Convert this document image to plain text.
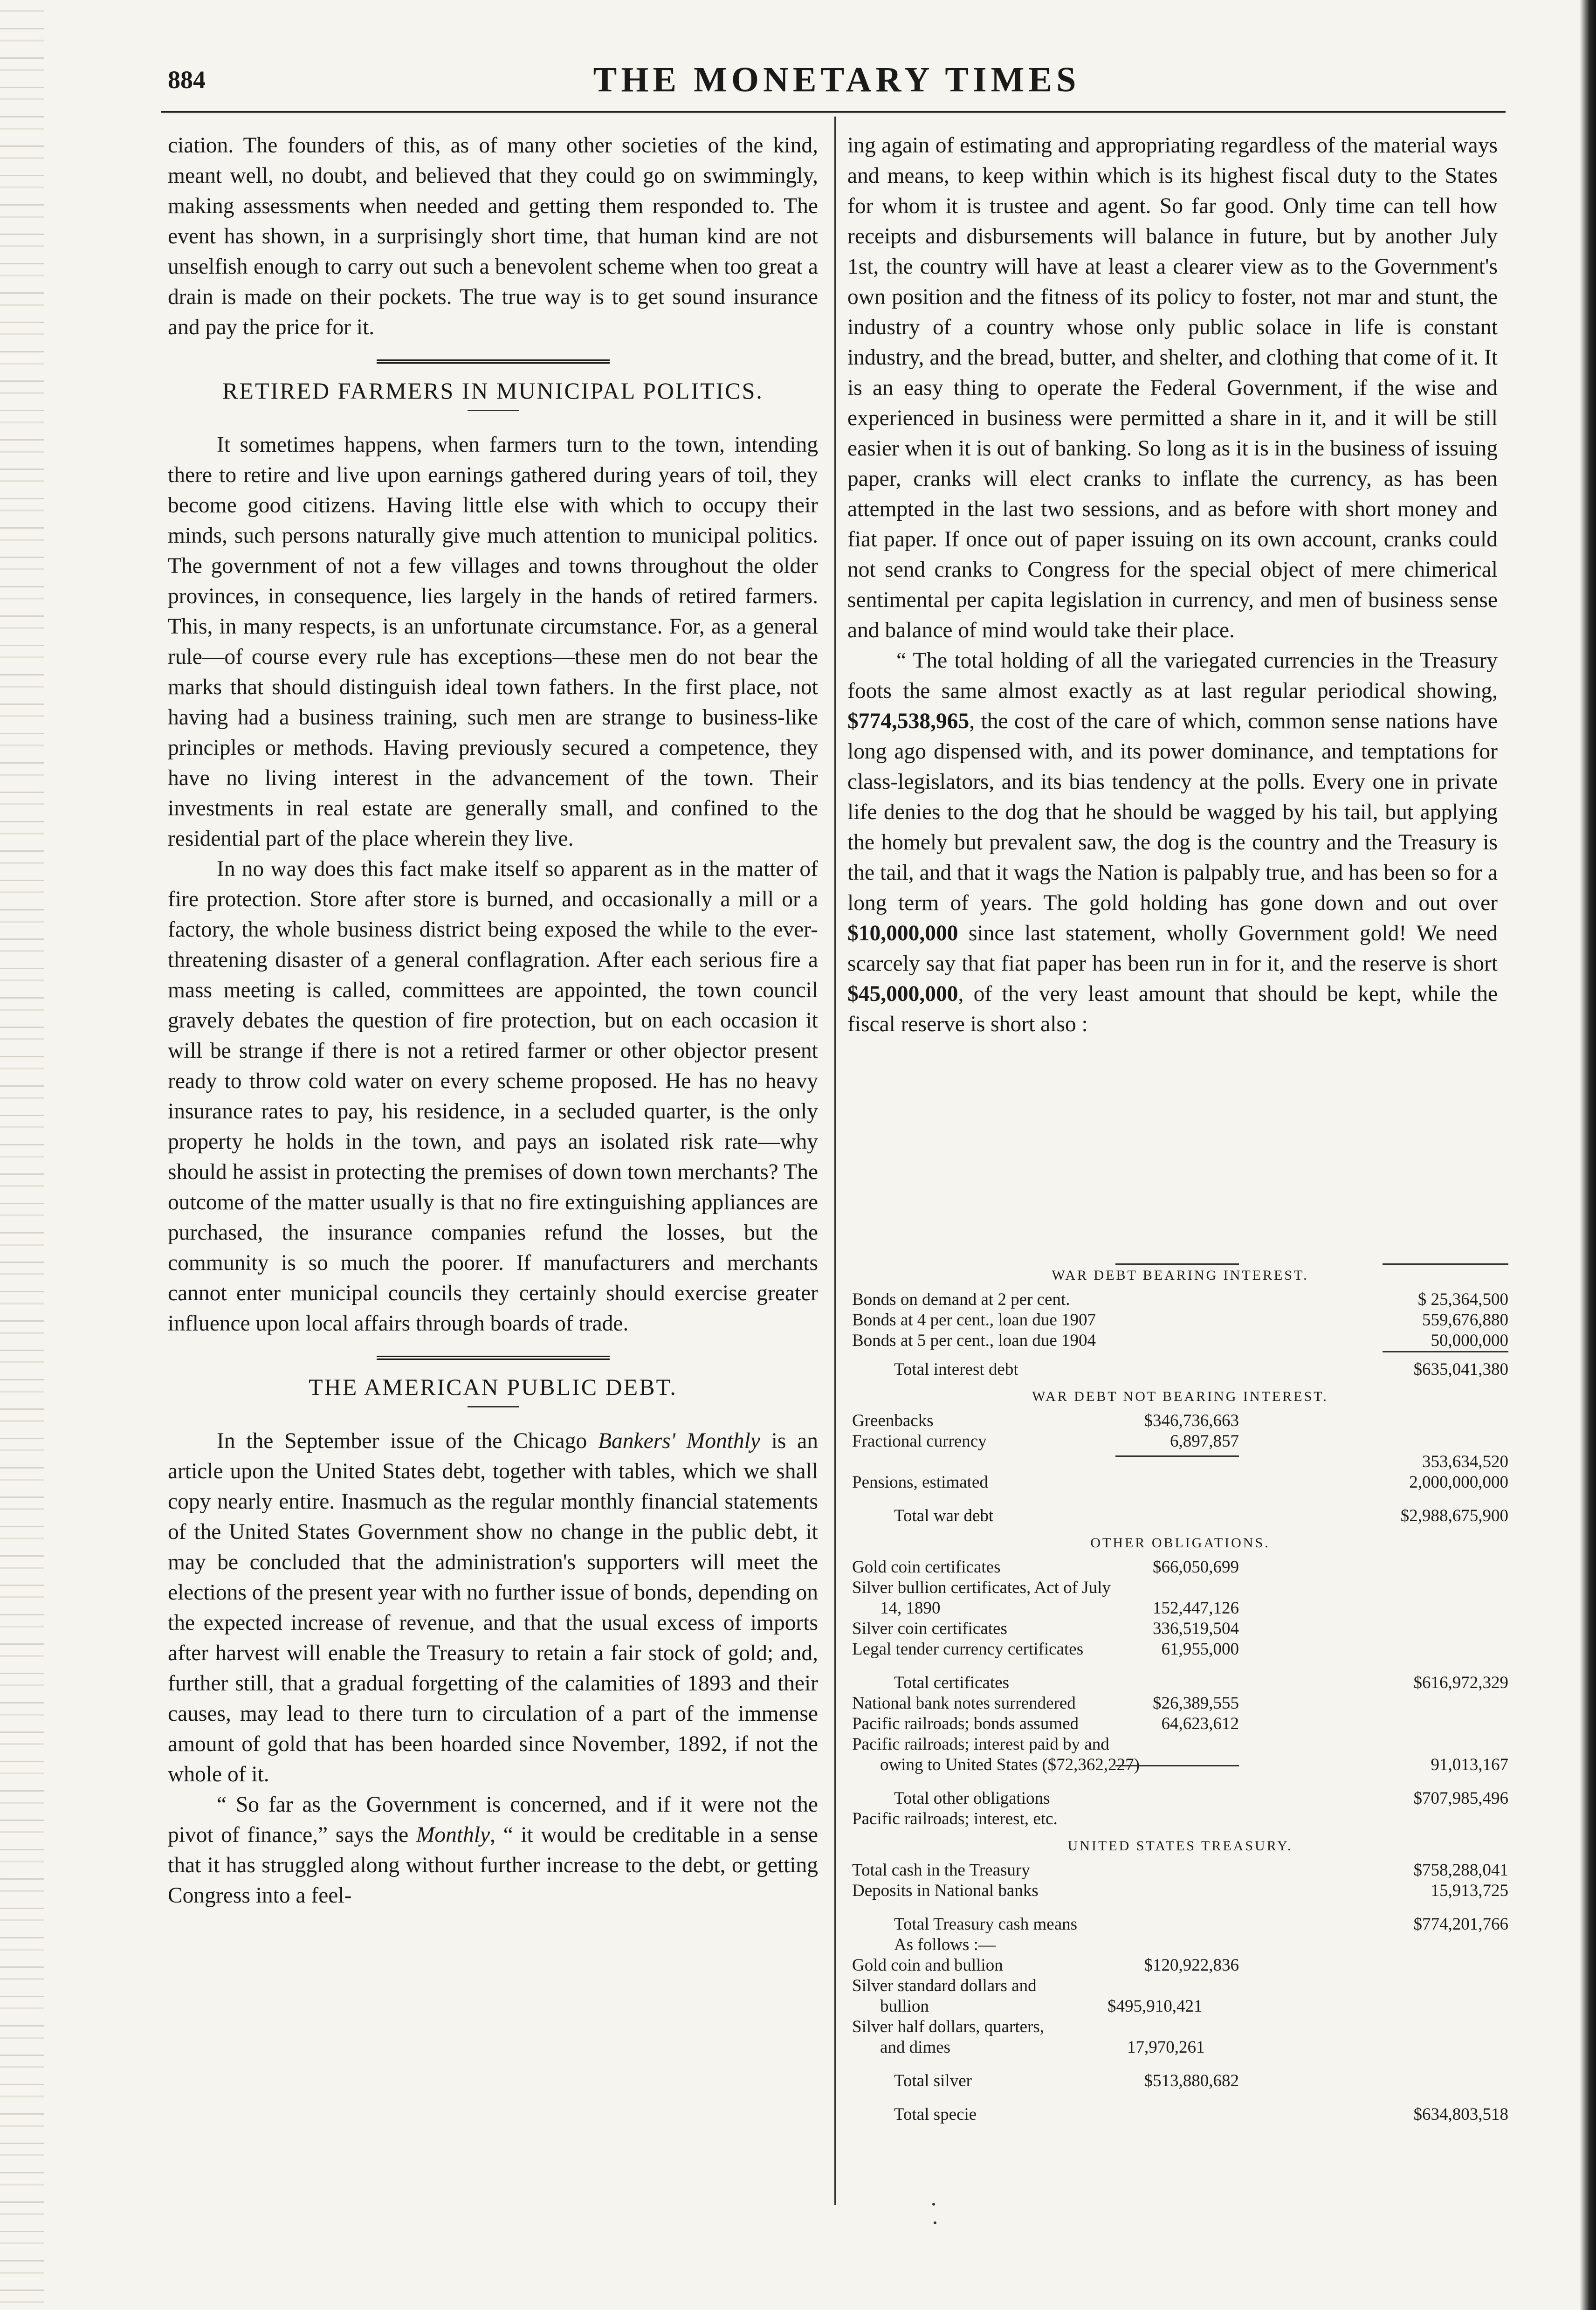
884	THE MONETARY TIMES

ciation. The founders of this, as of many other societies of the kind, meant well, no doubt, and believed that they could go on swimmingly, making assessments when needed and getting them responded to. The event has shown, in a surprisingly short time, that human kind are not unselfish enough to carry out such a benevolent scheme when too great a drain is made on their pockets. The true way is to get sound insurance and pay the price for it.

RETIRED FARMERS IN MUNICIPAL POLITICS.

It sometimes happens, when farmers turn to the town, intending there to retire and live upon earnings gathered during years of toil, they become good citizens. Having little else with which to occupy their minds, such persons naturally give much attention to municipal politics. The government of not a few villages and towns throughout the older provinces, in consequence, lies largely in the hands of retired farmers. This, in many respects, is an unfortunate circumstance. For, as a general rule—of course every rule has exceptions—these men do not bear the marks that should distinguish ideal town fathers. In the first place, not having had a business training, such men are strange to business-like principles or methods. Having previously secured a competence, they have no living interest in the advancement of the town. Their investments in real estate are generally small, and confined to the residential part of the place wherein they live.

In no way does this fact make itself so apparent as in the matter of fire protection. Store after store is burned, and occasionally a mill or a factory, the whole business district being exposed the while to the ever-threatening disaster of a general conflagration. After each serious fire a mass meeting is called, committees are appointed, the town council gravely debates the question of fire protection, but on each occasion it will be strange if there is not a retired farmer or other objector present ready to throw cold water on every scheme proposed. He has no heavy insurance rates to pay, his residence, in a secluded quarter, is the only property he holds in the town, and pays an isolated risk rate—why should he assist in protecting the premises of down town merchants? The outcome of the matter usually is that no fire extinguishing appliances are purchased, the insurance companies refund the losses, but the community is so much the poorer. If manufacturers and merchants cannot enter municipal councils they certainly should exercise greater influence upon local affairs through boards of trade.

THE AMERICAN PUBLIC DEBT.

In the September issue of the Chicago Bankers' Monthly is an article upon the United States debt, together with tables, which we shall copy nearly entire. Inasmuch as the regular monthly financial statements of the United States Government show no change in the public debt, it may be concluded that the administration's supporters will meet the elections of the present year with no further issue of bonds, depending on the expected increase of revenue, and that the usual excess of imports after harvest will enable the Treasury to retain a fair stock of gold; and, further still, that a gradual forgetting of the calamities of 1893 and their causes, may lead to there turn to circulation of a part of the immense amount of gold that has been hoarded since November, 1892, if not the whole of it.

“ So far as the Government is concerned, and if it were not the pivot of finance,” says the Monthly, “ it would be creditable in a sense that it has struggled along without further increase to the debt, or getting Congress into a feel-

ing again of estimating and appropriating regardless of the material ways and means, to keep within which is its highest fiscal duty to the States for whom it is trustee and agent. So far good. Only time can tell how receipts and disbursements will balance in future, but by another July 1st, the country will have at least a clearer view as to the Government's own position and the fitness of its policy to foster, not mar and stunt, the industry of a country whose only public solace in life is constant industry, and the bread, butter, and shelter, and clothing that come of it. It is an easy thing to operate the Federal Government, if the wise and experienced in business were permitted a share in it, and it will be still easier when it is out of banking. So long as it is in the business of issuing paper, cranks will elect cranks to inflate the currency, as has been attempted in the last two sessions, and as before with short money and fiat paper. If once out of paper issuing on its own account, cranks could not send cranks to Congress for the special object of mere chimerical sentimental per capita legislation in currency, and men of business sense and balance of mind would take their place.

“ The total holding of all the variegated currencies in the Treasury foots the same almost exactly as at last regular periodical showing, $774,538,965, the cost of the care of which, common sense nations have long ago dispensed with, and its power dominance, and temptations for class-legislators, and its bias tendency at the polls. Every one in private life denies to the dog that he should be wagged by his tail, but applying the homely but prevalent saw, the dog is the country and the Treasury is the tail, and that it wags the Nation is palpably true, and has been so for a long term of years. The gold holding has gone down and out over $10,000,000 since last statement, wholly Government gold! We need scarcely say that fiat paper has been run in for it, and the reserve is short $45,000,000, of the very least amount that should be kept, while the fiscal reserve is short also :

WAR DEBT BEARING INTEREST.
Bonds on demand at 2 per cent.	$ 25,364,500
Bonds at 4 per cent., loan due 1907	559,676,880
Bonds at 5 per cent., loan due 1904	50,000,000
Total interest debt	$635,041,380
WAR DEBT NOT BEARING INTEREST.
Greenbacks	$346,736,663
Fractional currency	6,897,857
353,634,520
Pensions, estimated	2,000,000,000
Total war debt	$2,988,675,900
OTHER OBLIGATIONS.
Gold coin certificates	$66,050,699
Silver bullion certificates, Act of July
14, 1890	152,447,126
Silver coin certificates	336,519,504
Legal tender currency certificates	61,955,000
Total certificates	$616,972,329
National bank notes surrendered	$26,389,555
Pacific railroads; bonds assumed	64,623,612
Pacific railroads; interest paid by and
owing to United States ($72,362,227)	91,013,167
Total other obligations	$707,985,496
Pacific railroads; interest, etc.
UNITED STATES TREASURY.
Total cash in the Treasury	$758,288,041
Deposits in National banks	15,913,725
Total Treasury cash means	$774,201,766
As follows :—
Gold coin and bullion	$120,922,836
Silver standard dollars and
bullion	$495,910,421
Silver half dollars, quarters,
and dimes	17,970,261
Total silver	$513,880,682
Total specie	$634,803,518
